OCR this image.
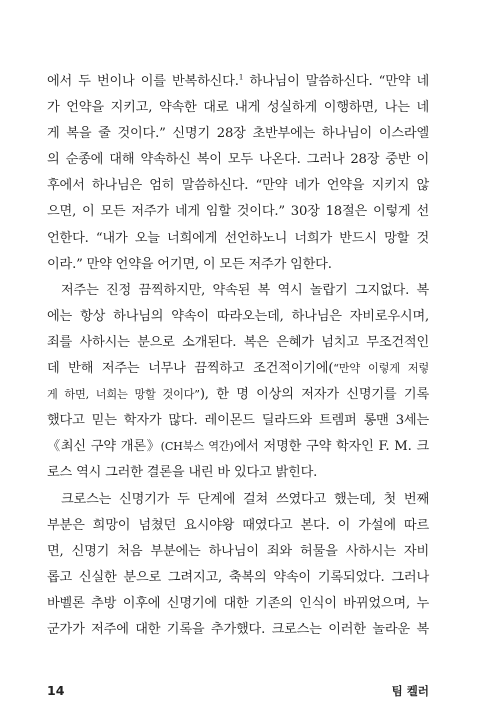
에서 두 번이나 이를 반복하신다.$^1$ 하나님이 말씀하신다. “만약 네
가 언약을 지키고, 약속한 대로 내게 성실하게 이행하면, 나는 네
게 복을 줄 것이다.” 신명기 28장 초반부에는 하나님이 이스라엘
의 순종에 대해 약속하신 복이 모두 나온다. 그러나 28장 중반 이
후에서 하나님은 엄히 말씀하신다. “만약 네가 언약을 지키지 않
으면, 이 모든 저주가 네게 임할 것이다.” 30장 18절은 이렇게 선
언한다. “내가 오늘 너희에게 선언하노니 너희가 반드시 망할 것
이라.” 만약 언약을 어기면, 이 모든 저주가 임한다.
저주는 진정 끔찍하지만, 약속된 복 역시 놀랍기 그지없다. 복
에는 항상 하나님의 약속이 따라오는데, 하나님은 자비로우시며,
죄를 사하시는 분으로 소개된다. 복은 은혜가 넘치고 무조건적인
데 반해 저주는 너무나 끔찍하고 조건적이기에(“만약 이렇게 저렇
게 하면, 너희는 망할 것이다”), 한 명 이상의 저자가 신명기를 기록
했다고 믿는 학자가 많다. 레이몬드 딜라드와 트렘퍼 롱맨 3세는
《최신 구약 개론》(CH북스 역간)에서 저명한 구약 학자인 F. M. 크
로스 역시 그러한 결론을 내린 바 있다고 밝힌다.
크로스는 신명기가 두 단계에 걸쳐 쓰였다고 했는데, 첫 번째
부분은 희망이 넘쳤던 요시야왕 때였다고 본다. 이 가설에 따르
면, 신명기 처음 부분에는 하나님이 죄와 허물을 사하시는 자비
롭고 신실한 분으로 그려지고, 축복의 약속이 기록되었다. 그러나
바벨론 추방 이후에 신명기에 대한 기존의 인식이 바뀌었으며, 누
군가가 저주에 대한 기록을 추가했다. 크로스는 이러한 놀라운 복
14	팀 켈러
